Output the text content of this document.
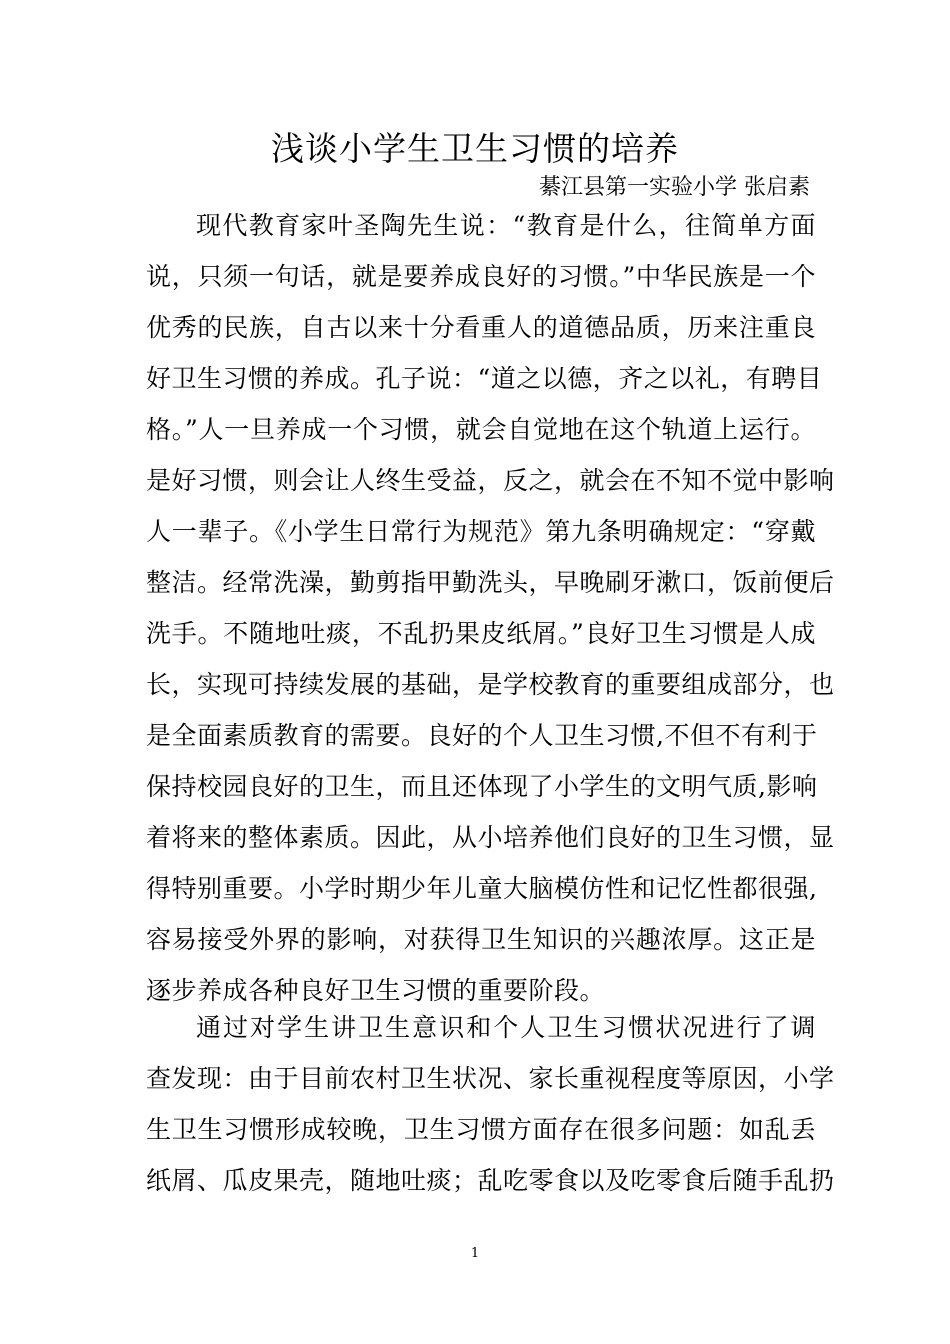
浅谈小学生卫生习惯的培养
綦江县第一实验小学 张启素
现代教育家叶圣陶先生说：“教育是什么，往简单方面
说，只须一句话，就是要养成良好的习惯。”中华民族是一个
优秀的民族，自古以来十分看重人的道德品质，历来注重良
好卫生习惯的养成。孔子说：“道之以德，齐之以礼，有聘目
格。”人一旦养成一个习惯，就会自觉地在这个轨道上运行。
是好习惯，则会让人终生受益，反之，就会在不知不觉中影响
人一辈子。《小学生日常行为规范》第九条明确规定：“穿戴
整洁。经常洗澡，勤剪指甲勤洗头，早晚刷牙漱口，饭前便后
洗手。不随地吐痰，不乱扔果皮纸屑。”良好卫生习惯是人成
长，实现可持续发展的基础，是学校教育的重要组成部分，也
是全面素质教育的需要。良好的个人卫生习惯,不但不有利于
保持校园良好的卫生，而且还体现了小学生的文明气质,影响
着将来的整体素质。因此，从小培养他们良好的卫生习惯，显
得特别重要。小学时期少年儿童大脑模仿性和记忆性都很强,
容易接受外界的影响，对获得卫生知识的兴趣浓厚。这正是
逐步养成各种良好卫生习惯的重要阶段。
通过对学生讲卫生意识和个人卫生习惯状况进行了调
查发现：由于目前农村卫生状况、家长重视程度等原因，小学
生卫生习惯形成较晚，卫生习惯方面存在很多问题：如乱丢
纸屑、瓜皮果壳，随地吐痰；乱吃零食以及吃零食后随手乱扔
1
